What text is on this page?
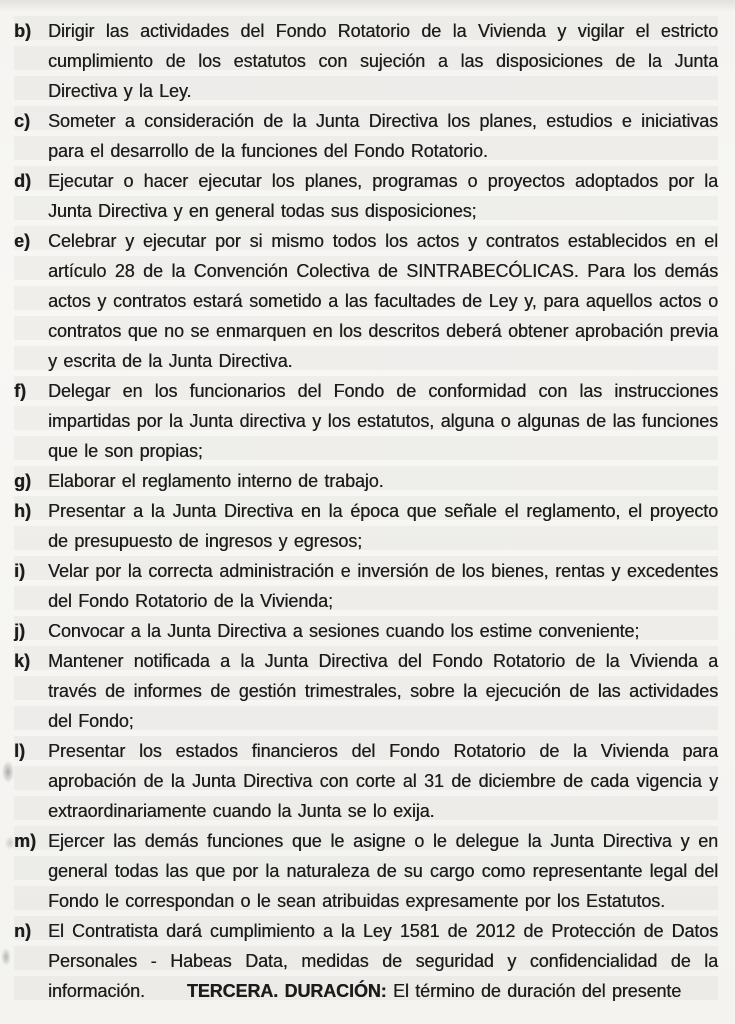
b) Dirigir las actividades del Fondo Rotatorio de la Vivienda y vigilar el estricto cumplimiento de los estatutos con sujeción a las disposiciones de la Junta Directiva y la Ley.

c) Someter a consideración de la Junta Directiva los planes, estudios e iniciativas para el desarrollo de la funciones del Fondo Rotatorio.

d) Ejecutar o hacer ejecutar los planes, programas o proyectos adoptados por la Junta Directiva y en general todas sus disposiciones;

e) Celebrar y ejecutar por si mismo todos los actos y contratos establecidos en el artículo 28 de la Convención Colectiva de SINTRABECÓLICAS. Para los demás actos y contratos estará sometido a las facultades de Ley y, para aquellos actos o contratos que no se enmarquen en los descritos deberá obtener aprobación previa y escrita de la Junta Directiva.

f)	Delegar en los funcionarios del Fondo de conformidad con las instrucciones impartidas por la Junta directiva y los estatutos, alguna o algunas de las funciones que le son propias;

g) Elaborar el reglamento interno de trabajo.

h) Presentar a la Junta Directiva en la época que señale el reglamento, el proyecto de presupuesto de ingresos y egresos;

i)	Velar por la correcta administración e inversión de los bienes, rentas y excedentes del Fondo Rotatorio de la Vivienda;

j)	Convocar a la Junta Directiva a sesiones cuando los estime conveniente;

k) Mantener notificada a la Junta Directiva del Fondo Rotatorio de la Vivienda a través de informes de gestión trimestrales, sobre la ejecución de las actividades del Fondo;

l)	Presentar los estados financieros del Fondo Rotatorio de la Vivienda para aprobación de la Junta Directiva con corte al 31 de diciembre de cada vigencia y extraordinariamente cuando la Junta se lo exija.

m) Ejercer las demás funciones que le asigne o le delegue la Junta Directiva y en general todas las que por la naturaleza de su cargo como representante legal del Fondo le correspondan o le sean atribuidas expresamente por los Estatutos.

n) El Contratista dará cumplimiento a la Ley 1581 de 2012 de Protección de Datos Personales - Habeas Data, medidas de seguridad y confidencialidad de la información. TERCERA. DURACIÓN: El término de duración del presente
